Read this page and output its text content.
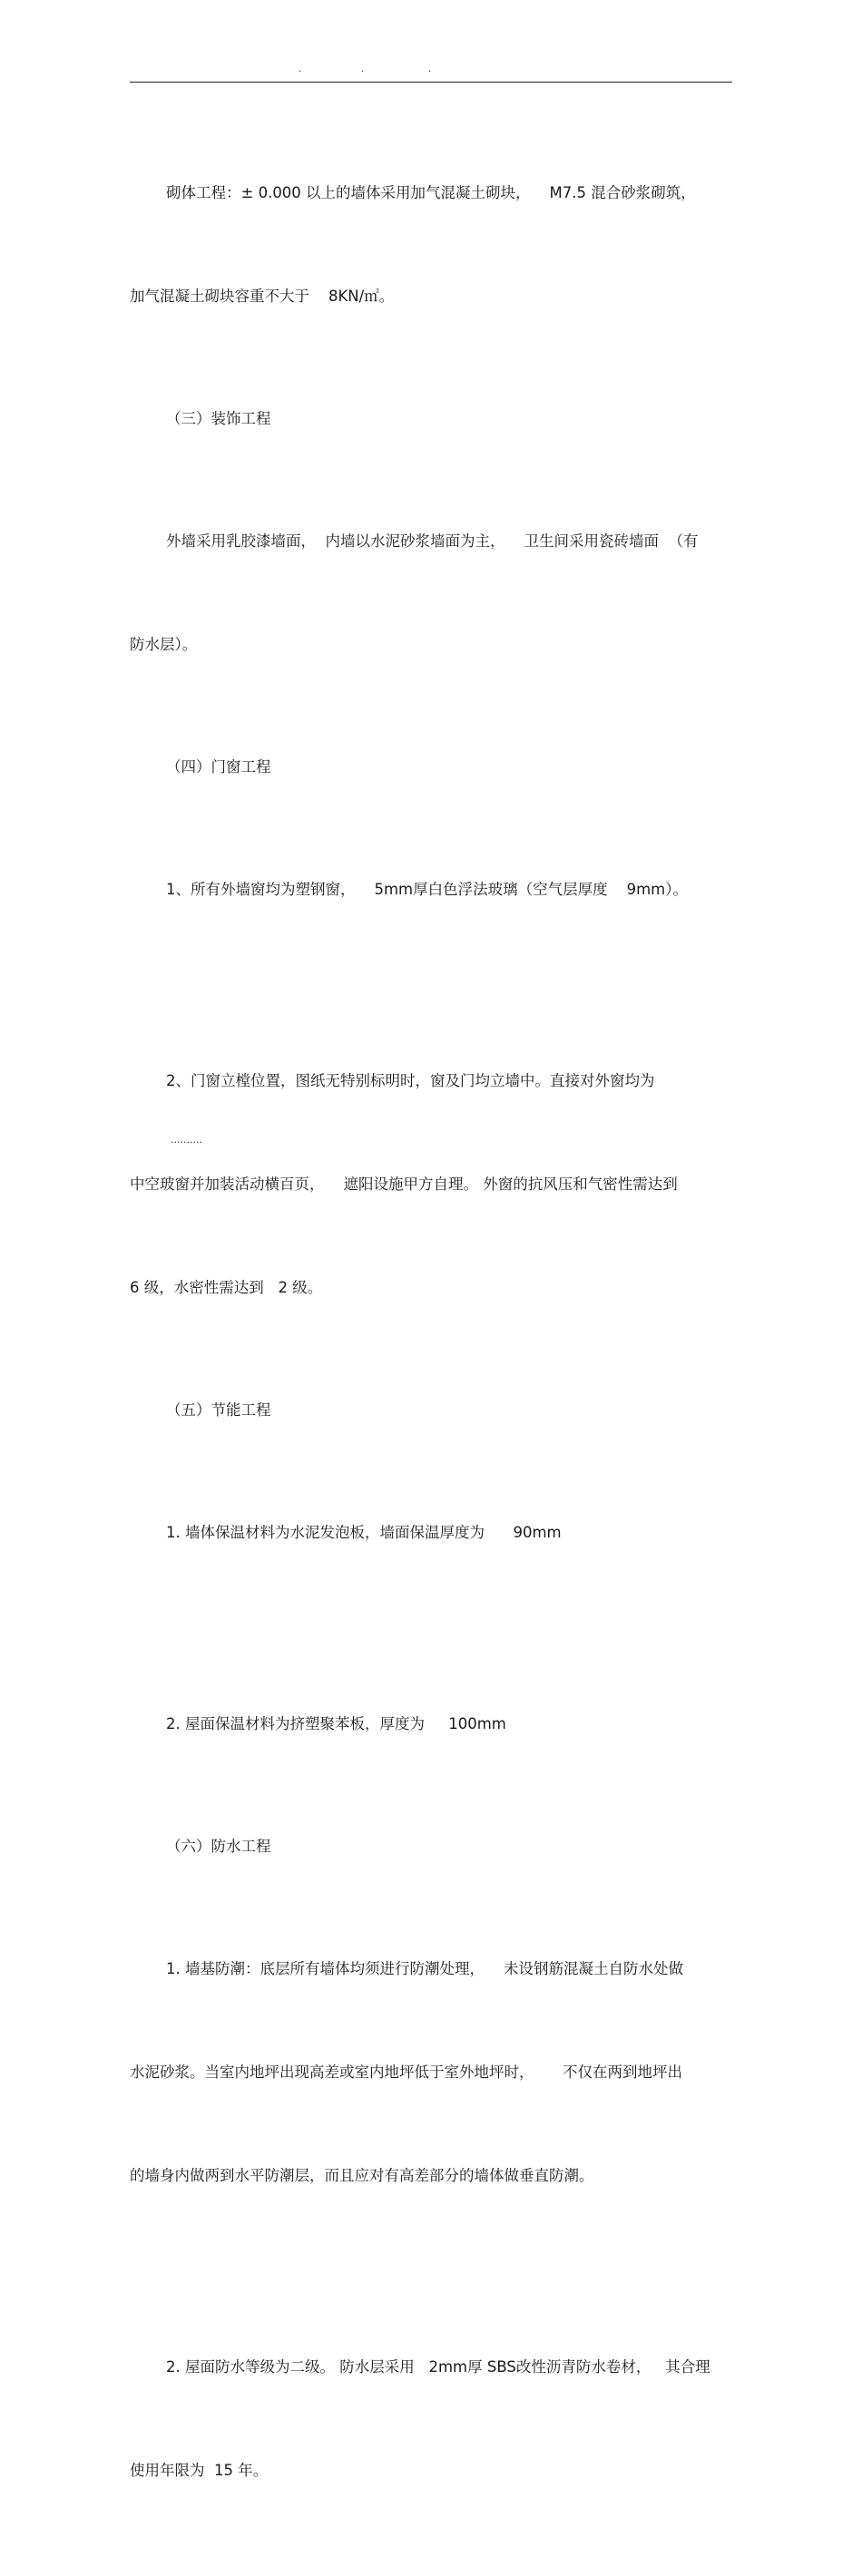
.	.	.

砌体工程：± 0.000 以上的墙体采用加气混凝土砌块，    M7.5 混合砂浆砌筑，

加气混凝土砌块容重不大于    8KN/㎡。

（三）装饰工程

外墙采用乳胶漆墙面，  内墙以水泥砂浆墙面为主，    卫生间采用瓷砖墙面  （有

防水层）。

（四）门窗工程

1、所有外墙窗均为塑钢窗，    5mm厚白色浮法玻璃（空气层厚度    9mm）。

2、门窗立樘位置，图纸无特别标明时，窗及门均立墙中。直接对外窗均为

中空玻窗并加装活动横百页，    遮阳设施甲方自理。 外窗的抗风压和气密性需达到

6 级，水密性需达到   2 级。

（五）节能工程

1. 墙体保温材料为水泥发泡板，墙面保温厚度为      90mm

2. 屋面保温材料为挤塑聚苯板，厚度为     100mm

（六）防水工程

1. 墙基防潮：底层所有墙体均须进行防潮处理，    未设钢筋混凝土自防水处做

水泥砂浆。当室内地坪出现高差或室内地坪低于室外地坪时，      不仅在两到地坪出

的墙身内做两到水平防潮层，而且应对有高差部分的墙体做垂直防潮。

2. 屋面防水等级为二级。 防水层采用   2mm厚 SBS改性沥青防水卷材，   其合理

使用年限为  15 年。

..........
